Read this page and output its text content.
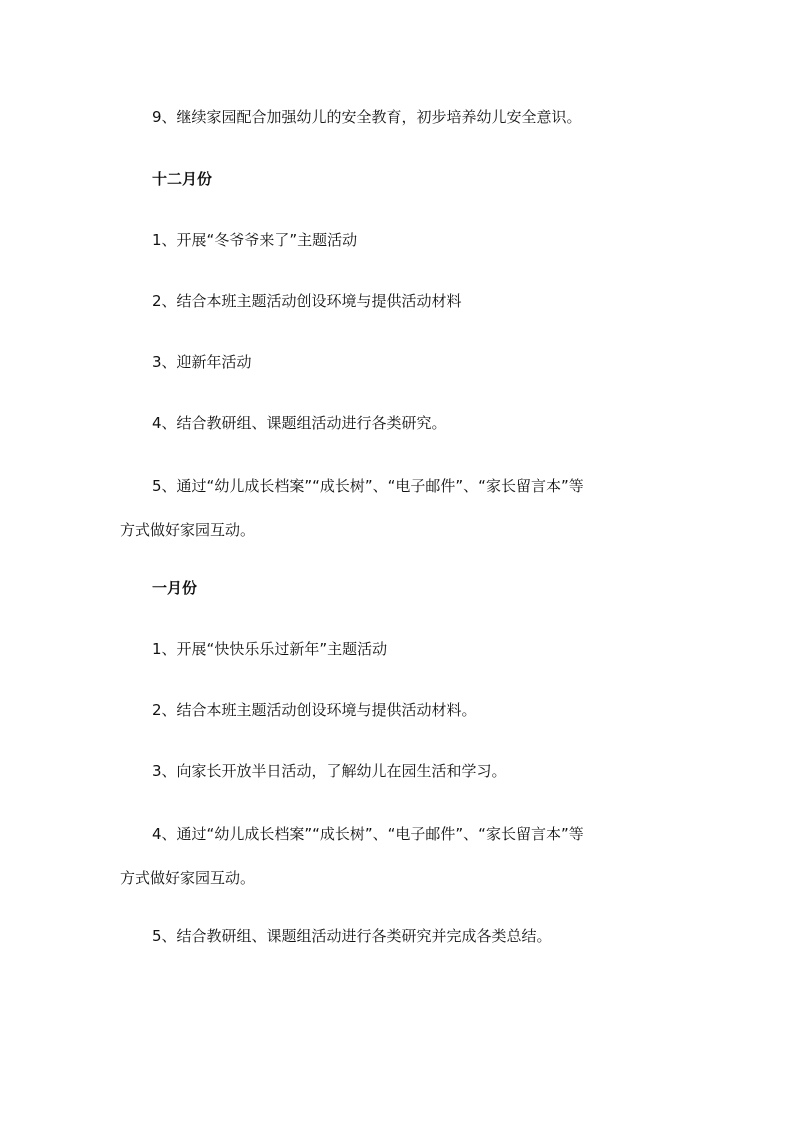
9、继续家园配合加强幼儿的安全教育，初步培养幼儿安全意识。
十二月份
1、开展“冬爷爷来了”主题活动
2、结合本班主题活动创设环境与提供活动材料
3、迎新年活动
4、结合教研组、课题组活动进行各类研究。
5、通过“幼儿成长档案”“成长树”、“电子邮件”、“家长留言本”等
方式做好家园互动。
一月份
1、开展“快快乐乐过新年”主题活动
2、结合本班主题活动创设环境与提供活动材料。
3、向家长开放半日活动，了解幼儿在园生活和学习。
4、通过“幼儿成长档案”“成长树”、“电子邮件”、“家长留言本”等
方式做好家园互动。
5、结合教研组、课题组活动进行各类研究并完成各类总结。
